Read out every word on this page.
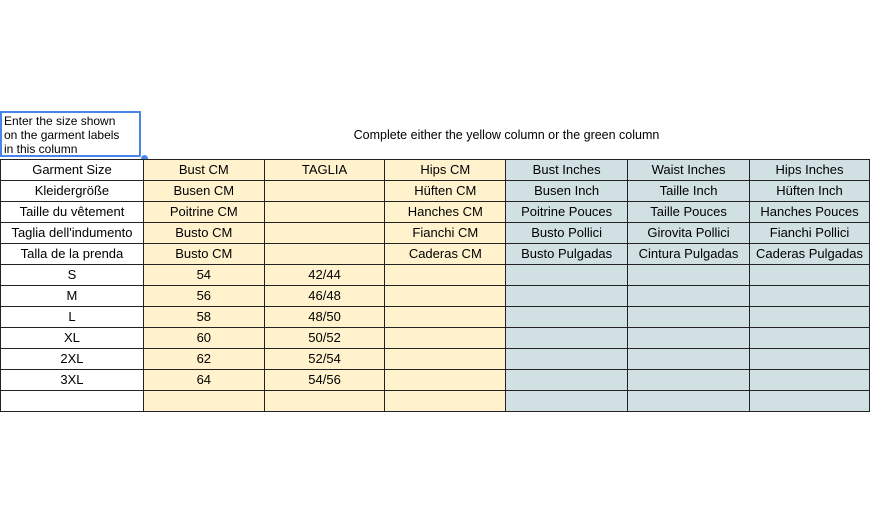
Enter the size shown
on the garment labels
in this column
Complete either the yellow column or the green column
Garment Size	Bust CM	TAGLIA	Hips CM	Bust Inches	Waist Inches	Hips Inches
Kleidergröße	Busen CM		Hüften CM	Busen Inch	Taille Inch	Hüften Inch
Taille du vêtement	Poitrine CM		Hanches CM	Poitrine Pouces	Taille Pouces	Hanches Pouces
Taglia dell'indumento	Busto CM		Fianchi CM	Busto Pollici	Girovita Pollici	Fianchi Pollici
Talla de la prenda	Busto CM		Caderas CM	Busto Pulgadas	Cintura Pulgadas	Caderas Pulgadas
S	54	42/44				
M	56	46/48				
L	58	48/50				
XL	60	50/52				
2XL	62	52/54				
3XL	64	54/56				
